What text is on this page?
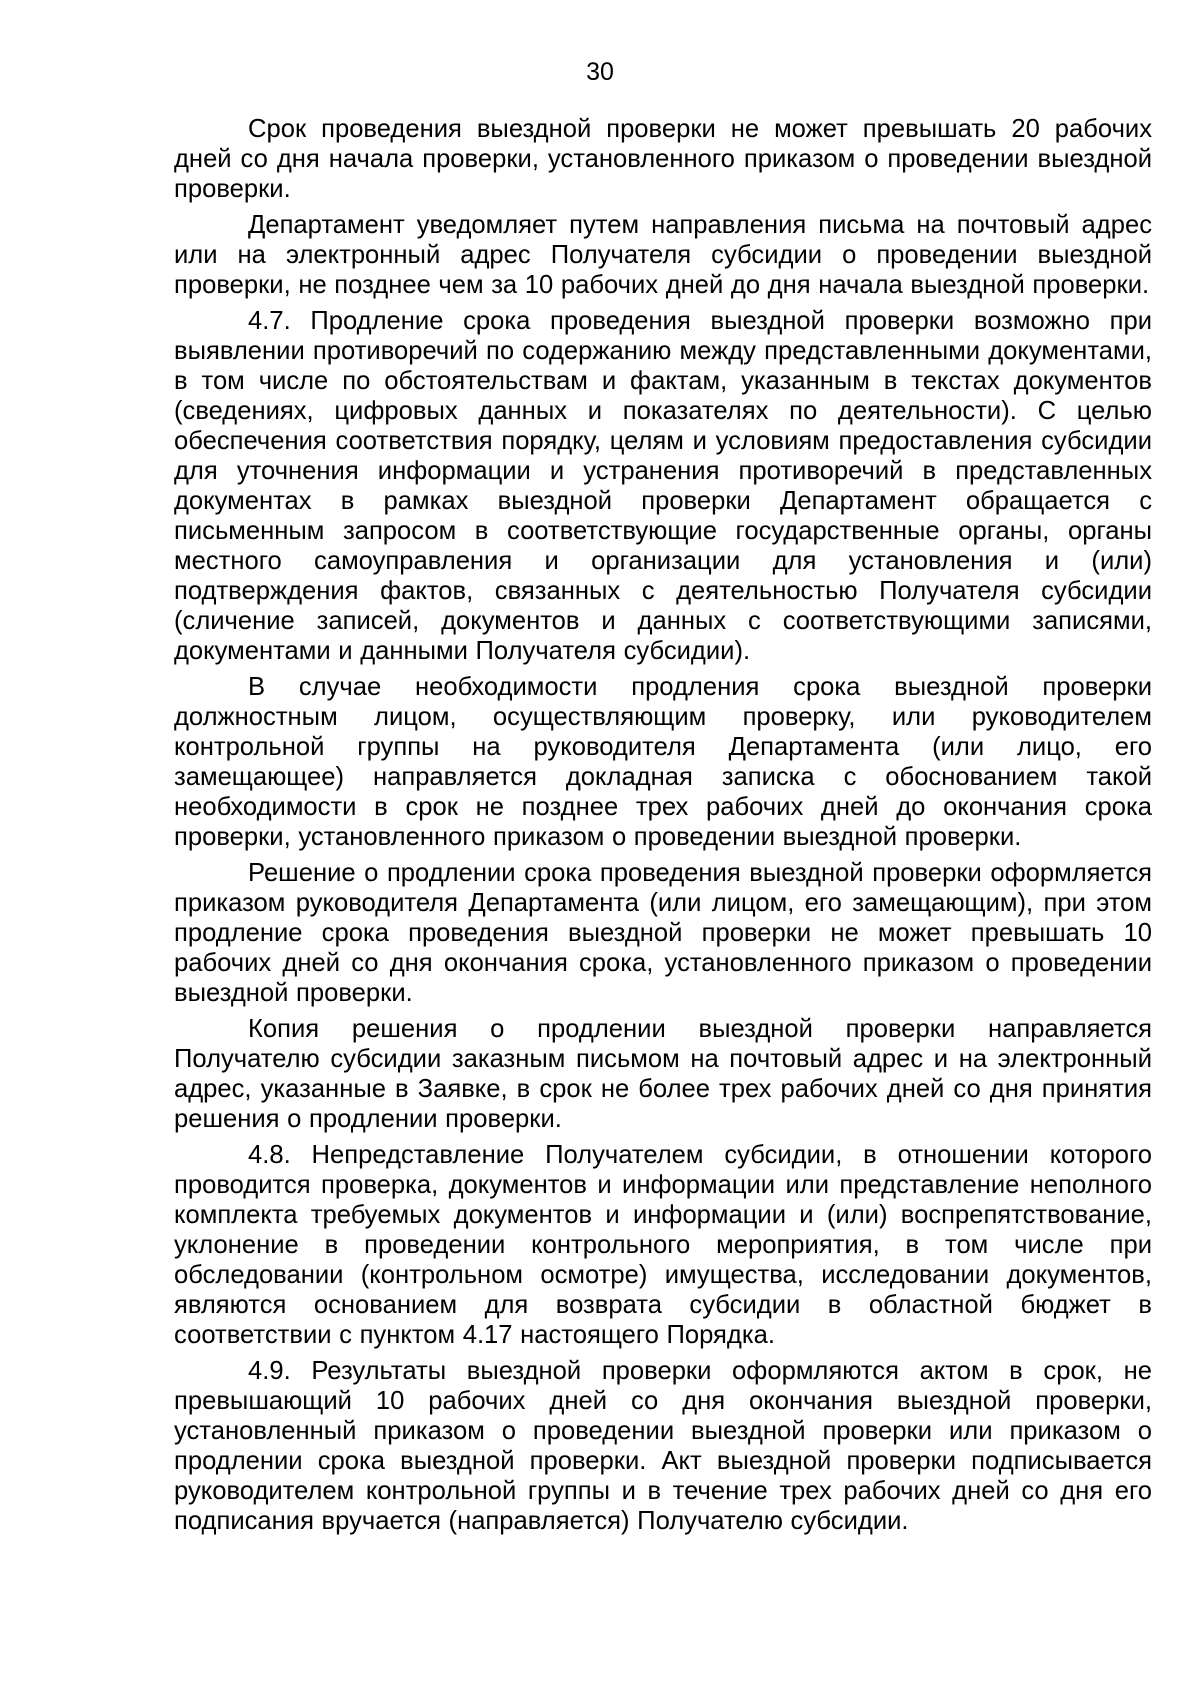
30

Срок проведения выездной проверки не может превышать 20 рабочих дней со дня начала проверки, установленного приказом о проведении выездной проверки.

Департамент уведомляет путем направления письма на почтовый адрес или на электронный адрес Получателя субсидии о проведении выездной проверки, не позднее чем за 10 рабочих дней до дня начала выездной проверки.

4.7. Продление срока проведения выездной проверки возможно при выявлении противоречий по содержанию между представленными документами, в том числе по обстоятельствам и фактам, указанным в текстах документов (сведениях, цифровых данных и показателях по деятельности). С целью обеспечения соответствия порядку, целям и условиям предоставления субсидии для уточнения информации и устранения противоречий в представленных документах в рамках выездной проверки Департамент обращается с письменным запросом в соответствующие государственные органы, органы местного самоуправления и организации для установления и (или) подтверждения фактов, связанных с деятельностью Получателя субсидии (сличение записей, документов и данных с соответствующими записями, документами и данными Получателя субсидии).

В случае необходимости продления срока выездной проверки должностным лицом, осуществляющим проверку, или руководителем контрольной группы на руководителя Департамента (или лицо, его замещающее) направляется докладная записка с обоснованием такой необходимости в срок не позднее трех рабочих дней до окончания срока проверки, установленного приказом о проведении выездной проверки.

Решение о продлении срока проведения выездной проверки оформляется приказом руководителя Департамента (или лицом, его замещающим), при этом продление срока проведения выездной проверки не может превышать 10 рабочих дней со дня окончания срока, установленного приказом о проведении выездной проверки.

Копия решения о продлении выездной проверки направляется Получателю субсидии заказным письмом на почтовый адрес и на электронный адрес, указанные в Заявке, в срок не более трех рабочих дней со дня принятия решения о продлении проверки.

4.8. Непредставление Получателем субсидии, в отношении которого проводится проверка, документов и информации или представление неполного комплекта требуемых документов и информации и (или) воспрепятствование, уклонение в проведении контрольного мероприятия, в том числе при обследовании (контрольном осмотре) имущества, исследовании документов, являются основанием для возврата субсидии в областной бюджет в соответствии с пунктом 4.17 настоящего Порядка.

4.9. Результаты выездной проверки оформляются актом в срок, не превышающий 10 рабочих дней со дня окончания выездной проверки, установленный приказом о проведении выездной проверки или приказом о продлении срока выездной проверки. Акт выездной проверки подписывается руководителем контрольной группы и в течение трех рабочих дней со дня его подписания вручается (направляется) Получателю субсидии.
